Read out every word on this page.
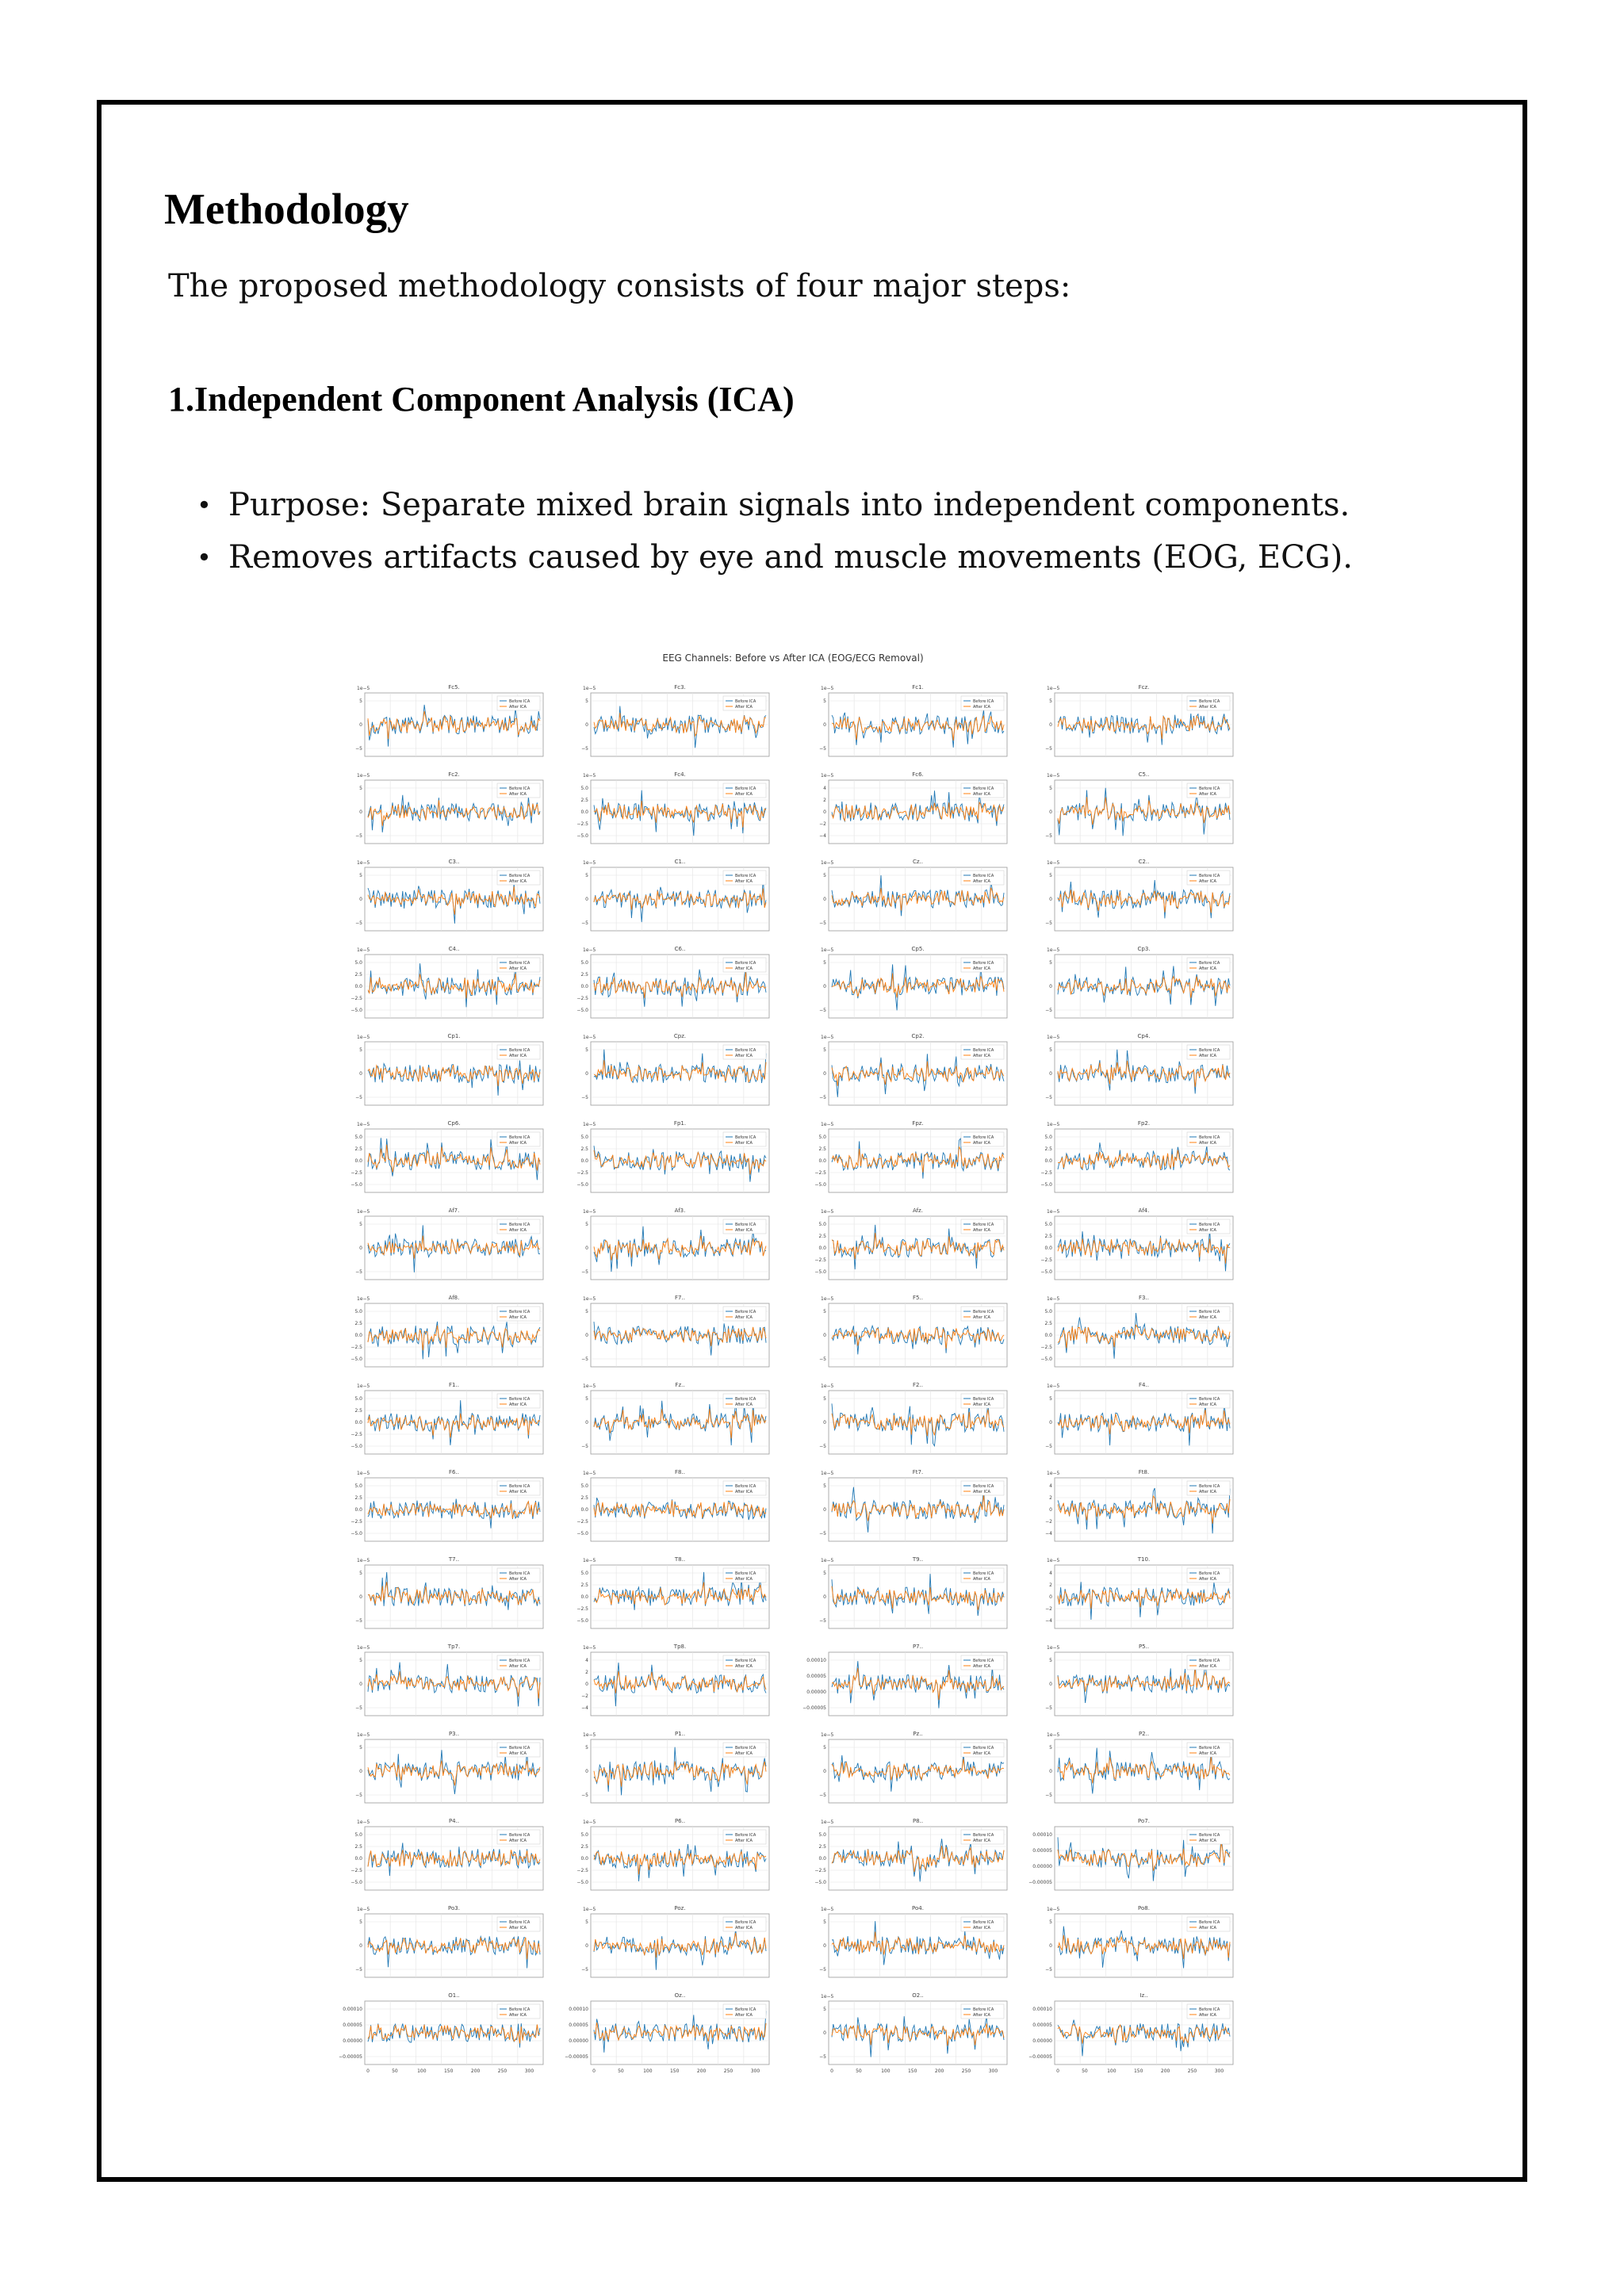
Methodology

The proposed methodology consists of four major steps:

1.Independent Component Analysis (ICA)
• Purpose: Separate mixed brain signals into independent components.
• Removes artifacts caused by eye and muscle movements (EOG, ECG).
EEG Channels: Before vs After ICA (EOG/ECG Removal)
Fc5.
1e−5
5
0
−5
Before ICA
After ICA
Fc3.
1e−5
5
0
−5
Before ICA
After ICA
Fc1.
1e−5
5
0
−5
Before ICA
After ICA
Fcz.
1e−5
5
0
−5
Before ICA
After ICA
Fc2.
1e−5
5
0
−5
Before ICA
After ICA
Fc4.
1e−5
5.0
2.5
0.0
−2.5
−5.0
Before ICA
After ICA
Fc6.
1e−5
4
2
0
−2
−4
Before ICA
After ICA
C5..
1e−5
5
0
−5
Before ICA
After ICA
C3..
1e−5
5
0
−5
Before ICA
After ICA
C1..
1e−5
5
0
−5
Before ICA
After ICA
Cz..
1e−5
5
0
−5
Before ICA
After ICA
C2..
1e−5
5
0
−5
Before ICA
After ICA
C4..
1e−5
5.0
2.5
0.0
−2.5
−5.0
Before ICA
After ICA
C6..
1e−5
5.0
2.5
0.0
−2.5
−5.0
Before ICA
After ICA
Cp5.
1e−5
5
0
−5
Before ICA
After ICA
Cp3.
1e−5
5
0
−5
Before ICA
After ICA
Cp1.
1e−5
5
0
−5
Before ICA
After ICA
Cpz.
1e−5
5
0
−5
Before ICA
After ICA
Cp2.
1e−5
5
0
−5
Before ICA
After ICA
Cp4.
1e−5
5
0
−5
Before ICA
After ICA
Cp6.
1e−5
5.0
2.5
0.0
−2.5
−5.0
Before ICA
After ICA
Fp1.
1e−5
5.0
2.5
0.0
−2.5
−5.0
Before ICA
After ICA
Fpz.
1e−5
5.0
2.5
0.0
−2.5
−5.0
Before ICA
After ICA
Fp2.
1e−5
5.0
2.5
0.0
−2.5
−5.0
Before ICA
After ICA
Af7.
1e−5
5
0
−5
Before ICA
After ICA
Af3.
1e−5
5
0
−5
Before ICA
After ICA
Afz.
1e−5
5.0
2.5
0.0
−2.5
−5.0
Before ICA
After ICA
Af4.
1e−5
5.0
2.5
0.0
−2.5
−5.0
Before ICA
After ICA
Af8.
1e−5
5.0
2.5
0.0
−2.5
−5.0
Before ICA
After ICA
F7..
1e−5
5
0
−5
Before ICA
After ICA
F5..
1e−5
5
0
−5
Before ICA
After ICA
F3..
1e−5
5.0
2.5
0.0
−2.5
−5.0
Before ICA
After ICA
F1..
1e−5
5.0
2.5
0.0
−2.5
−5.0
Before ICA
After ICA
Fz..
1e−5
5
0
−5
Before ICA
After ICA
F2..
1e−5
5
0
−5
Before ICA
After ICA
F4..
1e−5
5
0
−5
Before ICA
After ICA
F6..
1e−5
5.0
2.5
0.0
−2.5
−5.0
Before ICA
After ICA
F8..
1e−5
5.0
2.5
0.0
−2.5
−5.0
Before ICA
After ICA
Ft7.
1e−5
5
0
−5
Before ICA
After ICA
Ft8.
1e−5
4
2
0
−2
−4
Before ICA
After ICA
T7..
1e−5
5
0
−5
Before ICA
After ICA
T8..
1e−5
5.0
2.5
0.0
−2.5
−5.0
Before ICA
After ICA
T9..
1e−5
5
0
−5
Before ICA
After ICA
T10.
1e−5
4
2
0
−2
−4
Before ICA
After ICA
Tp7.
1e−5
5
0
−5
Before ICA
After ICA
Tp8.
1e−5
4
2
0
−2
−4
Before ICA
After ICA
P7..
0.00010
0.00005
0.00000
−0.00005
Before ICA
After ICA
P5..
1e−5
5
0
−5
Before ICA
After ICA
P3..
1e−5
5
0
−5
Before ICA
After ICA
P1..
1e−5
5
0
−5
Before ICA
After ICA
Pz..
1e−5
5
0
−5
Before ICA
After ICA
P2..
1e−5
5
0
−5
Before ICA
After ICA
P4..
1e−5
5.0
2.5
0.0
−2.5
−5.0
Before ICA
After ICA
P6..
1e−5
5.0
2.5
0.0
−2.5
−5.0
Before ICA
After ICA
P8..
1e−5
5.0
2.5
0.0
−2.5
−5.0
Before ICA
After ICA
Po7.
0.00010
0.00005
0.00000
−0.00005
Before ICA
After ICA
Po3.
1e−5
5
0
−5
Before ICA
After ICA
Poz.
1e−5
5
0
−5
Before ICA
After ICA
Po4.
1e−5
5
0
−5
Before ICA
After ICA
Po8.
1e−5
5
0
−5
Before ICA
After ICA
O1..
0.00010
0.00005
0.00000
−0.00005
Before ICA
After ICA
0	50	100	150	200	250	300
Oz..
0.00010
0.00005
0.00000
−0.00005
Before ICA
After ICA
0	50	100	150	200	250	300
O2..
1e−5
5
0
−5
Before ICA
After ICA
0	50	100	150	200	250	300
Iz..
0.00010
0.00005
0.00000
−0.00005
Before ICA
After ICA
0	50	100	150	200	250	300
